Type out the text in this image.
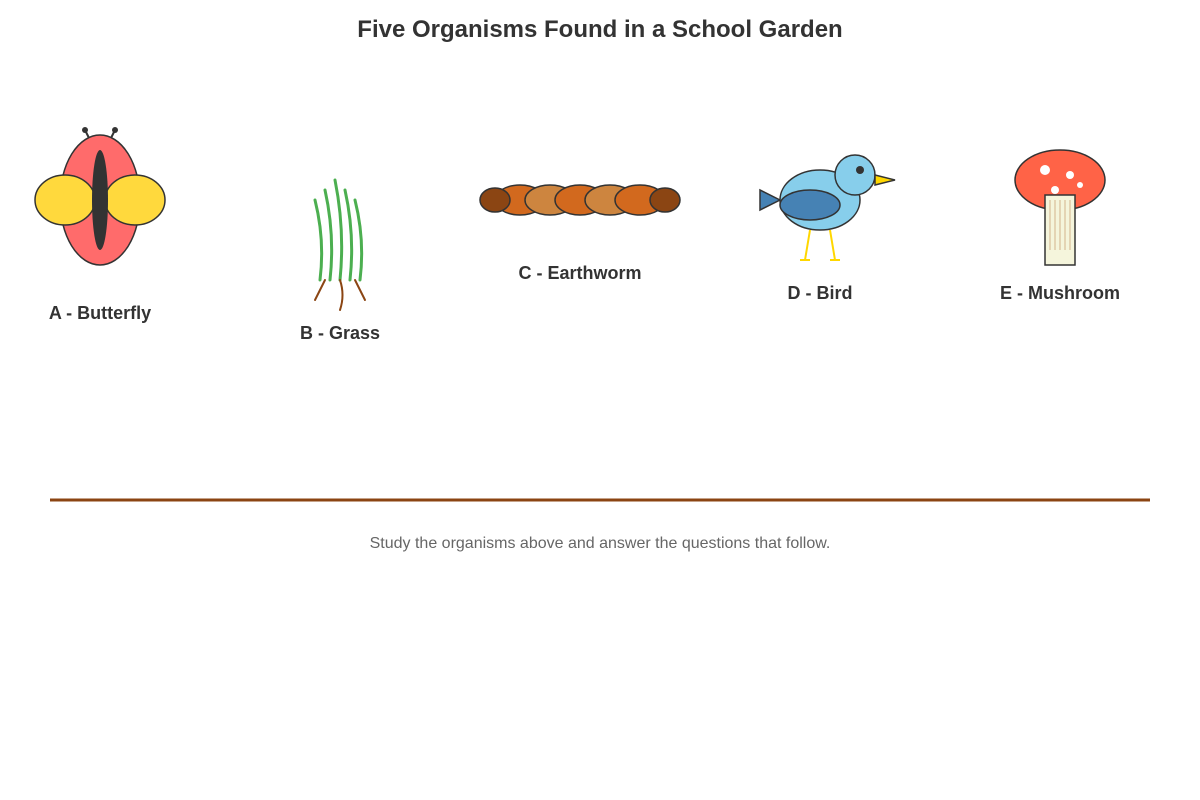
Five Organisms Found in a School Garden
A - Butterfly
B - Grass
C - Earthworm
D - Bird	E - Mushroom
Study the organisms above and answer the questions that follow.
